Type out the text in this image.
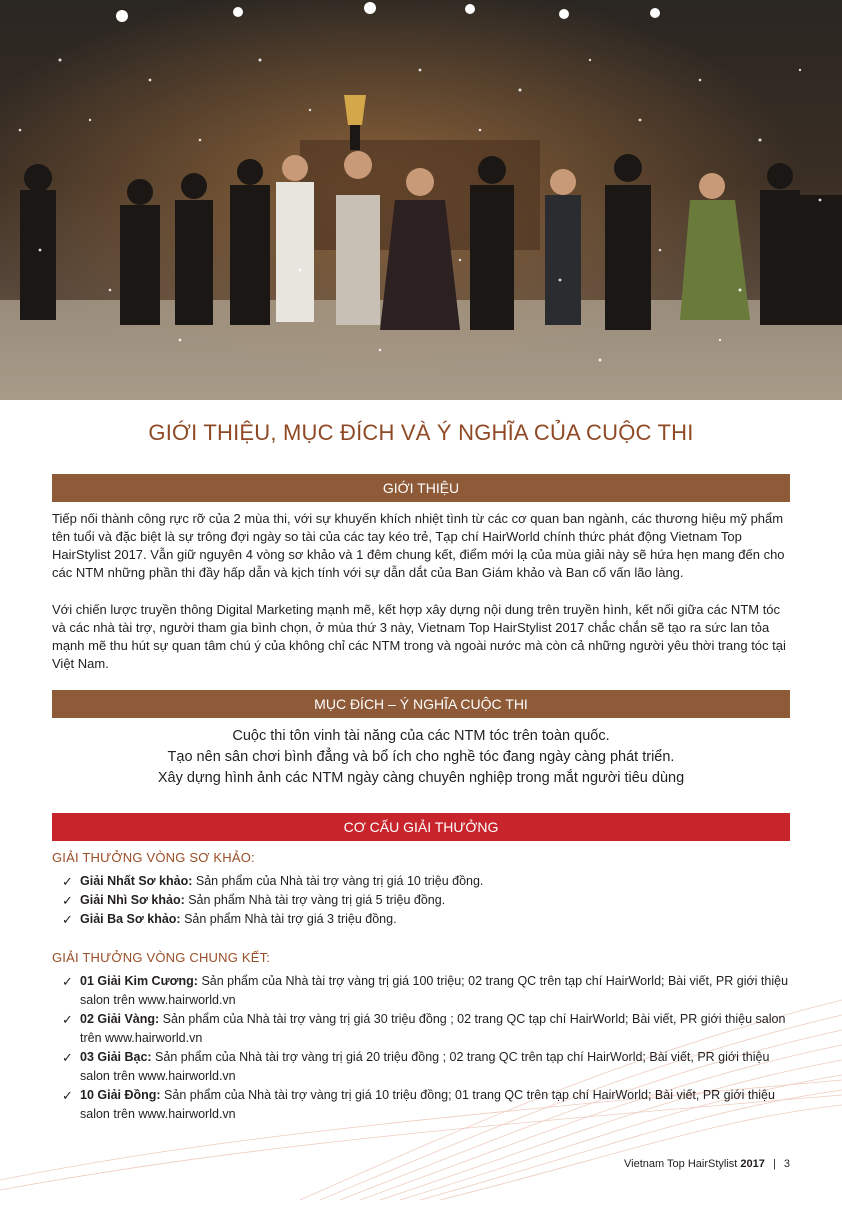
GIỚI THIỆU, MỤC ĐÍCH VÀ Ý NGHĨA CỦA CUỘC THI
GIỚI THIỆU
Tiếp nối thành công rực rỡ của 2 mùa thi, với sự khuyến khích nhiệt tình từ các cơ quan ban ngành, các thương hiệu mỹ phẩm tên tuổi và đặc biệt là sự trông đợi ngày so tài của các tay kéo trẻ, Tạp chí HairWorld chính thức phát động Vietnam Top HairStylist 2017. Vẫn giữ nguyên 4 vòng sơ khảo và 1 đêm chung kết, điểm mới lạ của mùa giải này sẽ hứa hẹn mang đến cho các NTM những phần thi đầy hấp dẫn và kịch tính với sự dẫn dắt của Ban Giám khảo và Ban cố vấn lão làng.
Với chiến lược truyền thông Digital Marketing mạnh mẽ, kết hợp xây dựng nội dung trên truyền hình, kết nối giữa các NTM tóc và các nhà tài trợ, người tham gia bình chọn, ở mùa thứ 3 này, Vietnam Top HairStylist 2017 chắc chắn sẽ tạo ra sức lan tỏa mạnh mẽ thu hút sự quan tâm chú ý của không chỉ các NTM trong và ngoài nước mà còn cả những người yêu thời trang tóc tại Việt Nam.
MỤC ĐÍCH – Ý NGHĨA CUỘC THI
Cuộc thi tôn vinh tài năng của các NTM tóc trên toàn quốc.
Tạo nên sân chơi bình đẳng và bổ ích cho nghề tóc đang ngày càng phát triển.
Xây dựng hình ảnh các NTM ngày càng chuyên nghiệp trong mắt người tiêu dùng
CƠ CẤU GIẢI THƯỞNG
GIẢI THƯỞNG VÒNG SƠ KHẢO:
✓ Giải Nhất Sơ khảo: Sản phẩm của Nhà tài trợ vàng trị giá 10 triệu đồng.
✓ Giải Nhì Sơ khảo: Sản phẩm Nhà tài trợ vàng trị giá 5 triệu đồng.
✓ Giải Ba Sơ khảo: Sản phẩm Nhà tài trợ giá 3 triệu đồng.
GIẢI THƯỞNG VÒNG CHUNG KẾT:
✓ 01 Giải Kim Cương: Sản phẩm của Nhà tài trợ vàng trị giá 100 triệu; 02 trang QC trên tạp chí HairWorld; Bài viết, PR giới thiệu salon trên www.hairworld.vn
✓ 02 Giải Vàng: Sản phẩm của Nhà tài trợ vàng trị giá 30 triệu đồng ; 02 trang QC tạp chí HairWorld; Bài viết, PR giới thiệu salon trên www.hairworld.vn
✓ 03 Giải Bạc: Sản phẩm của Nhà tài trợ vàng trị giá 20 triệu đồng ; 02 trang QC trên tạp chí HairWorld; Bài viết, PR giới thiệu salon trên www.hairworld.vn
✓ 10 Giải Đồng: Sản phẩm của Nhà tài trợ vàng trị giá 10 triệu đồng; 01 trang QC trên tạp chí HairWorld; Bài viết, PR giới thiệu salon trên www.hairworld.vn
Vietnam Top HairStylist 2017 | 3
